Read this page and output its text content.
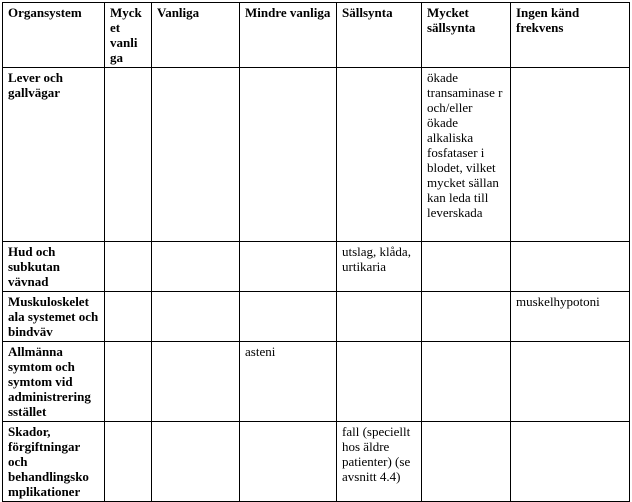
Organsystem	Myck et vanli ga	Vanliga	Mindre vanliga	Sällsynta	Mycket sällsynta	Ingen känd frekvens
Lever och gallvägar					ökade transaminase r och/eller ökade alkaliska fosfataser i blodet, vilket mycket sällan kan leda till leverskada	
Hud och subkutan vävnad				utslag, klåda, urtikaria		
Muskuloskelet ala systemet och bindväv						muskelhypotoni
Allmänna symtom och symtom vid administrering sstället			asteni			
Skador, förgiftningar och behandlingsko mplikationer				fall (speciellt hos äldre patienter) (se avsnitt 4.4)		
